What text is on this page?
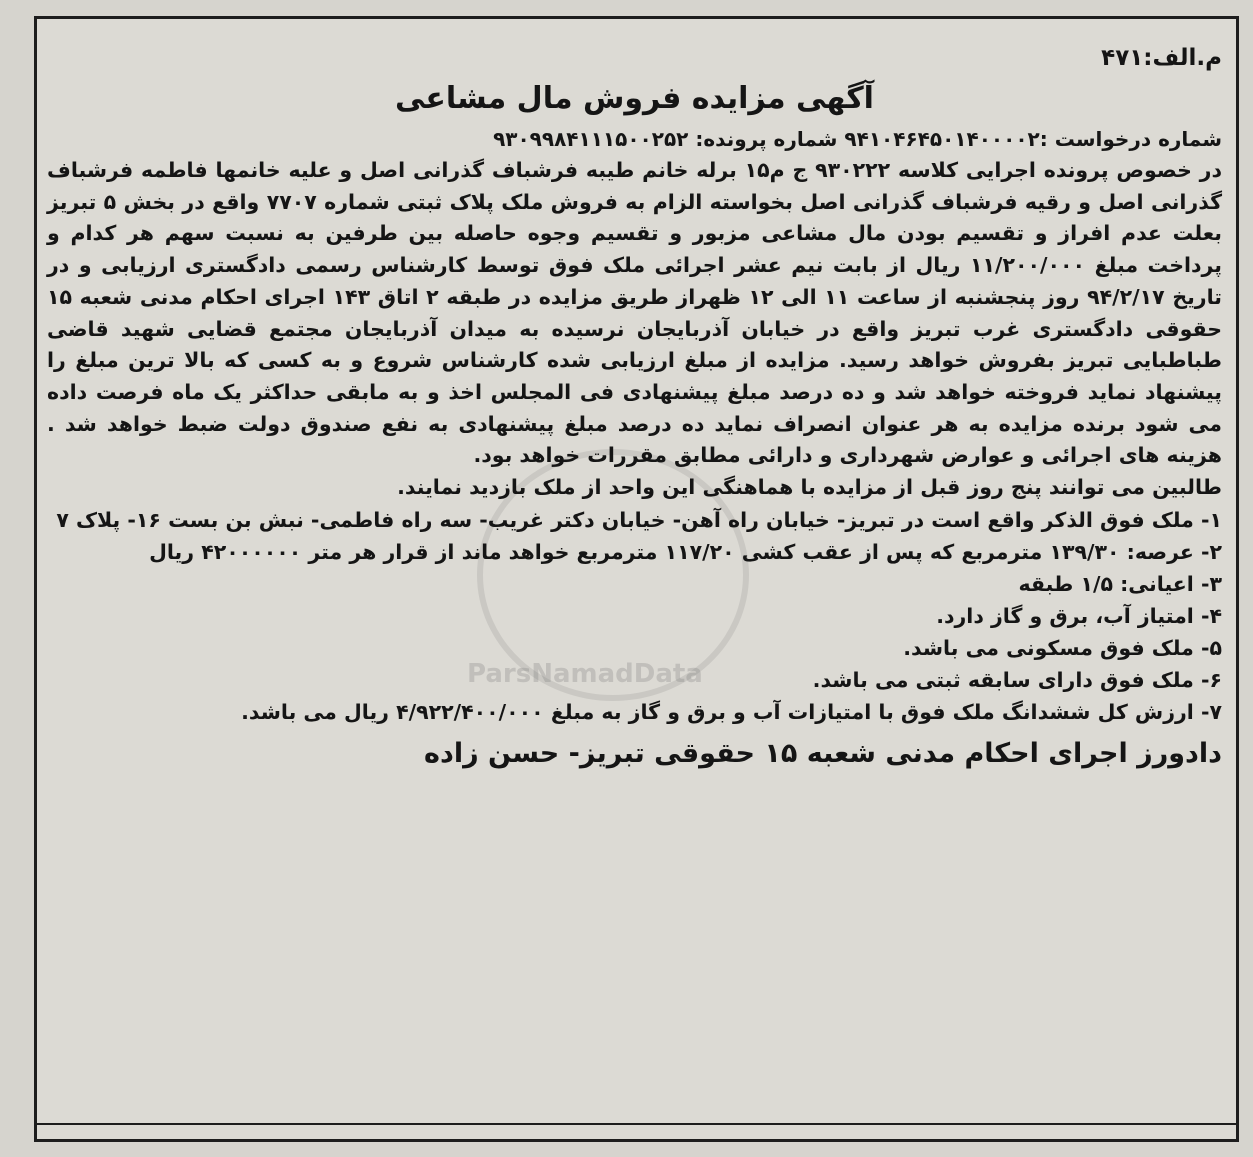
ParsNamadData
م.الف:۴۷۱
آگهی مزایده فروش مال مشاعی
شماره درخواست :۹۴۱۰۴۶۴۵۰۱۴۰۰۰۰۲ شماره پرونده: ۹۳۰۹۹۸۴۱۱۱۵۰۰۲۵۲

در خصوص پرونده اجرایی کلاسه ۹۳۰۲۲۲ ج م۱۵ برله خانم طیبه فرشباف گذرانی اصل و علیه خانمها فاطمه فرشباف گذرانی اصل و رقیه فرشباف گذرانی اصل بخواسته الزام به فروش ملک پلاک ثبتی شماره ۷۷۰۷ واقع در بخش ۵ تبریز بعلت عدم افراز و تقسیم بودن مال مشاعی مزبور و تقسیم وجوه حاصله بین طرفین به نسبت سهم هر کدام و پرداخت مبلغ ۱۱/۲۰۰/۰۰۰ ریال از بابت نیم عشر اجرائی ملک فوق توسط کارشناس رسمی دادگستری ارزیابی و در تاریخ ۹۴/۲/۱۷ روز پنجشنبه از ساعت ۱۱ الی ۱۲ ظهراز طریق مزایده در طبقه ۲ اتاق ۱۴۳ اجرای احکام مدنی شعبه ۱۵ حقوقی دادگستری غرب تبریز واقع در خیابان آذربایجان نرسیده به میدان آذربایجان مجتمع قضایی شهید قاضی طباطبایی تبریز بفروش خواهد رسید. مزایده از مبلغ ارزیابی شده کارشناس شروع و به کسی که بالا ترین مبلغ را پیشنهاد نماید فروخته خواهد شد و ده درصد مبلغ پیشنهادی فی المجلس اخذ و به مابقی حداکثر یک ماه فرصت داده می شود برنده مزایده به هر عنوان انصراف نماید ده درصد مبلغ پیشنهادی به نفع صندوق دولت ضبط خواهد شد . هزینه های اجرائی و عوارض شهرداری و دارائی مطابق مقررات خواهد بود.

طالبین می توانند پنج روز قبل از مزایده با هماهنگی این واحد از ملک بازدید نمایند.

۱- ملک فوق الذکر واقع است در تبریز- خیابان راه آهن- خیابان دکتر غریب- سه راه فاطمی- نبش بن بست ۱۶- پلاک ۷
۲- عرصه: ۱۳۹/۳۰ مترمربع که پس از عقب کشی ۱۱۷/۲۰ مترمربع خواهد ماند از قرار هر متر ۴۲۰۰۰۰۰۰ ریال
۳- اعیانی: ۱/۵ طبقه
۴- امتیاز آب، برق و گاز دارد.
۵- ملک فوق مسکونی می باشد.
۶- ملک فوق دارای سابقه ثبتی می باشد.
۷- ارزش کل ششدانگ ملک فوق با امتیازات آب و برق و گاز به مبلغ ۴/۹۲۲/۴۰۰/۰۰۰ ریال می باشد.
دادورز اجرای احکام مدنی شعبه ۱۵ حقوقی تبریز- حسن زاده
